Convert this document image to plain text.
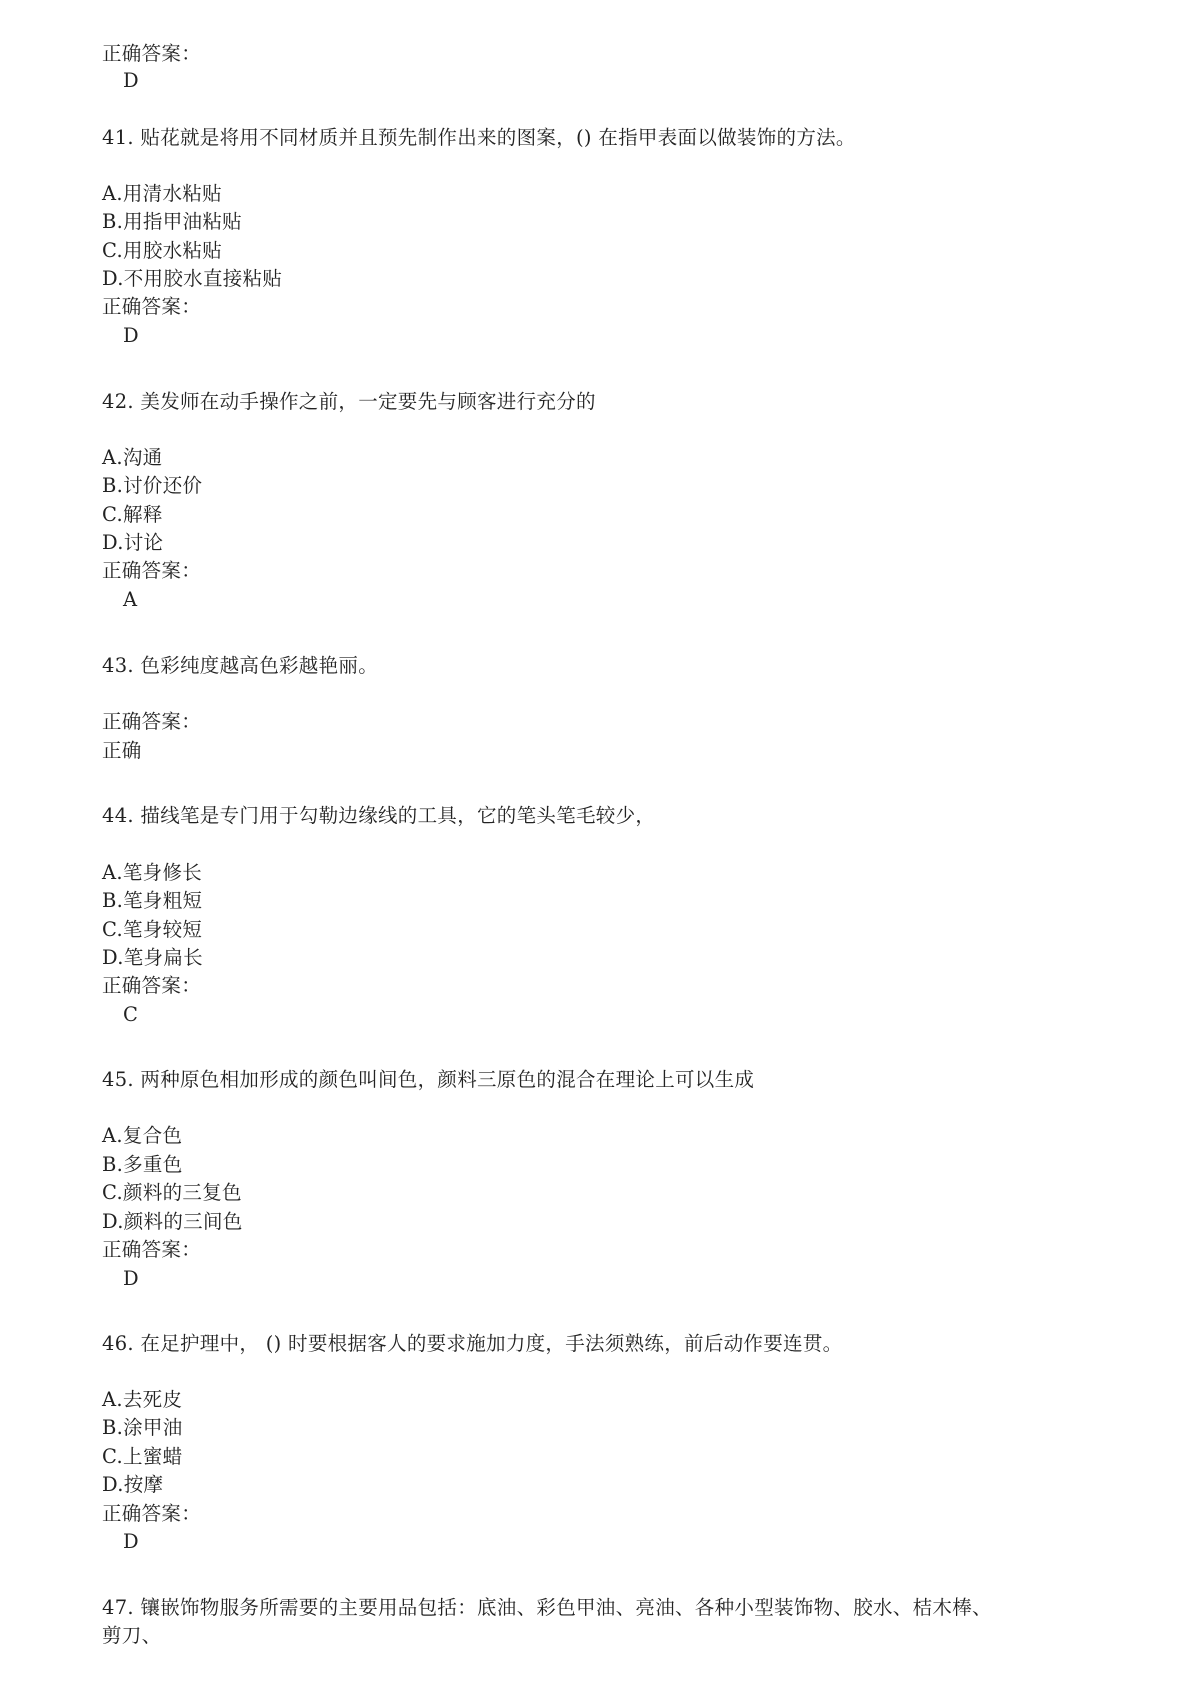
正确答案：
D
41. 贴花就是将用不同材质并且预先制作出来的图案，() 在指甲表面以做装饰的方法。
A.用清水粘贴
B.用指甲油粘贴
C.用胶水粘贴
D.不用胶水直接粘贴
正确答案：
D
42. 美发师在动手操作之前，一定要先与顾客进行充分的
A.沟通
B.讨价还价
C.解释
D.讨论
正确答案：
A
43. 色彩纯度越高色彩越艳丽。
正确答案：
正确
44. 描线笔是专门用于勾勒边缘线的工具，它的笔头笔毛较少，
A.笔身修长
B.笔身粗短
C.笔身较短
D.笔身扁长
正确答案：
C
45. 两种原色相加形成的颜色叫间色，颜料三原色的混合在理论上可以生成
A.复合色
B.多重色
C.颜料的三复色
D.颜料的三间色
正确答案：
D
46. 在足护理中， () 时要根据客人的要求施加力度，手法须熟练，前后动作要连贯。
A.去死皮
B.涂甲油
C.上蜜蜡
D.按摩
正确答案：
D
47. 镶嵌饰物服务所需要的主要用品包括：底油、彩色甲油、亮油、各种小型装饰物、胶水、桔木棒、
剪刀、
